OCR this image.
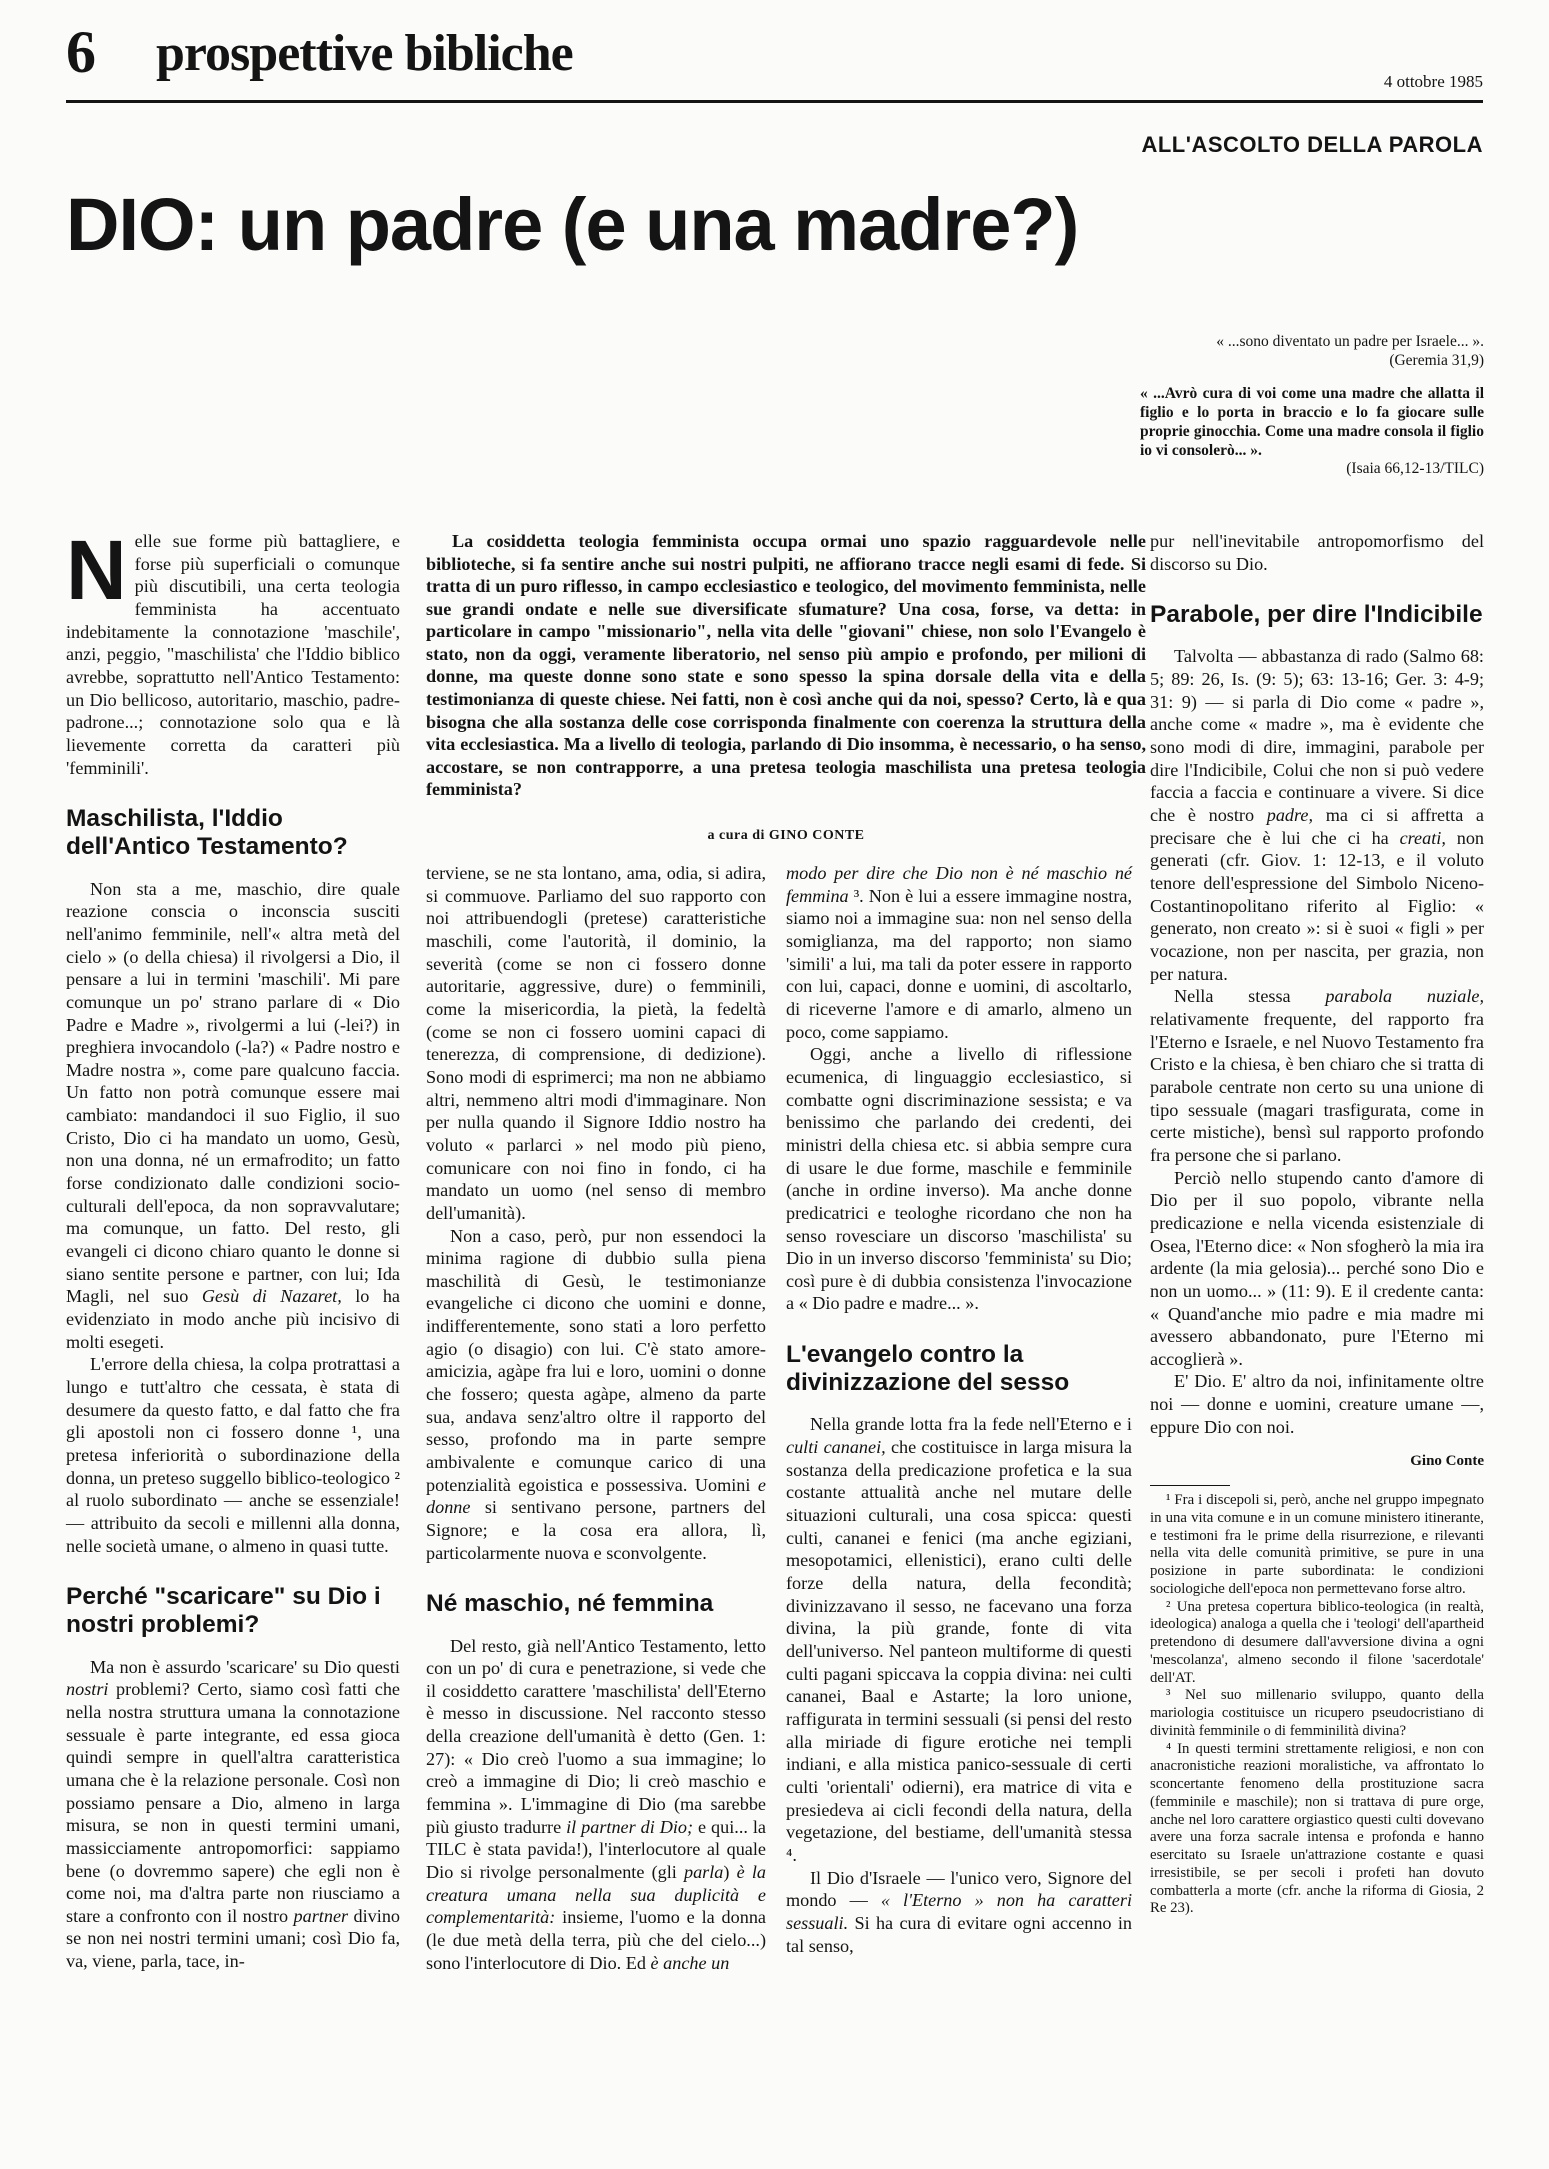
6 prospettive bibliche	4 ottobre 1985
ALL'ASCOLTO DELLA PAROLA
DIO: un padre (e una madre?)

« ...sono diventato un padre per Israele... ».

(Geremia 31,9)

« ...Avrò cura di voi come una madre che allatta il figlio e lo porta in braccio e lo fa giocare sulle proprie ginocchia. Come una madre consola il figlio io vi consolerò... ».

(Isaia 66,12-13/TILC)

La cosiddetta teologia femminista occupa ormai uno spazio ragguardevole nelle biblioteche, si fa sentire anche sui nostri pulpiti, ne affiorano tracce negli esami di fede. Si tratta di un puro riflesso, in campo ecclesiastico e teologico, del movimento femminista, nelle sue grandi ondate e nelle sue diversificate sfumature? Una cosa, forse, va detta: in particolare in campo "missionario", nella vita delle "giovani" chiese, non solo l'Evangelo è stato, non da oggi, veramente liberatorio, nel senso più ampio e profondo, per milioni di donne, ma queste donne sono state e sono spesso la spina dorsale della vita e della testimonianza di queste chiese. Nei fatti, non è così anche qui da noi, spesso? Certo, là e qua bisogna che alla sostanza delle cose corrisponda finalmente con coerenza la struttura della vita ecclesiastica. Ma a livello di teologia, parlando di Dio insomma, è necessario, o ha senso, accostare, se non contrapporre, a una pretesa teologia maschilista una pretesa teologia femminista?

a cura di GINO CONTE

Nelle sue forme più battagliere, e forse più superficiali o comunque più discutibili, una certa teologia femminista ha accentuato indebitamente la connotazione 'maschile', anzi, peggio, "maschilista' che l'Iddio biblico avrebbe, soprattutto nell'Antico Testamento: un Dio bellicoso, autoritario, maschio, padre-padrone...; connotazione solo qua e là lievemente corretta da caratteri più 'femminili'.

Maschilista, l'Iddio dell'Antico Testamento?

Non sta a me, maschio, dire quale reazione conscia o inconscia susciti nell'animo femminile, nell'« altra metà del cielo » (o della chiesa) il rivolgersi a Dio, il pensare a lui in termini 'maschili'. Mi pare comunque un po' strano parlare di « Dio Padre e Madre », rivolgermi a lui (-lei?) in preghiera invocandolo (-la?) « Padre nostro e Madre nostra », come pare qualcuno faccia. Un fatto non potrà comunque essere mai cambiato: mandandoci il suo Figlio, il suo Cristo, Dio ci ha mandato un uomo, Gesù, non una donna, né un ermafrodito; un fatto forse condizionato dalle condizioni socio-culturali dell'epoca, da non sopravvalutare; ma comunque, un fatto. Del resto, gli evangeli ci dicono chiaro quanto le donne si siano sentite persone e partner, con lui; Ida Magli, nel suo Gesù di Nazaret, lo ha evidenziato in modo anche più incisivo di molti esegeti.

L'errore della chiesa, la colpa protrattasi a lungo e tutt'altro che cessata, è stata di desumere da questo fatto, e dal fatto che fra gli apostoli non ci fossero donne ¹, una pretesa inferiorità o subordinazione della donna, un preteso suggello biblico-teologico ² al ruolo subordinato — anche se essenziale! — attribuito da secoli e millenni alla donna, nelle società umane, o almeno in quasi tutte.

Perché "scaricare" su Dio i nostri problemi?

Ma non è assurdo 'scaricare' su Dio questi nostri problemi? Certo, siamo così fatti che nella nostra struttura umana la connotazione sessuale è parte integrante, ed essa gioca quindi sempre in quell'altra caratteristica umana che è la relazione personale. Così non possiamo pensare a Dio, almeno in larga misura, se non in questi termini umani, massicciamente antropomorfici: sappiamo bene (o dovremmo sapere) che egli non è come noi, ma d'altra parte non riusciamo a stare a confronto con il nostro partner divino se non nei nostri termini umani; così Dio fa, va, viene, parla, tace, in-

terviene, se ne sta lontano, ama, odia, si adira, si commuove. Parliamo del suo rapporto con noi attribuendogli (pretese) caratteristiche maschili, come l'autorità, il dominio, la severità (come se non ci fossero donne autoritarie, aggressive, dure) o femminili, come la misericordia, la pietà, la fedeltà (come se non ci fossero uomini capaci di tenerezza, di comprensione, di dedizione). Sono modi di esprimerci; ma non ne abbiamo altri, nemmeno altri modi d'immaginare. Non per nulla quando il Signore Iddio nostro ha voluto « parlarci » nel modo più pieno, comunicare con noi fino in fondo, ci ha mandato un uomo (nel senso di membro dell'umanità).

Non a caso, però, pur non essendoci la minima ragione di dubbio sulla piena maschilità di Gesù, le testimonianze evangeliche ci dicono che uomini e donne, indifferentemente, sono stati a loro perfetto agio (o disagio) con lui. C'è stato amore-amicizia, agàpe fra lui e loro, uomini o donne che fossero; questa agàpe, almeno da parte sua, andava senz'altro oltre il rapporto del sesso, profondo ma in parte sempre ambivalente e comunque carico di una potenzialità egoistica e possessiva. Uomini e donne si sentivano persone, partners del Signore; e la cosa era allora, lì, particolarmente nuova e sconvolgente.

Né maschio, né femmina

Del resto, già nell'Antico Testamento, letto con un po' di cura e penetrazione, si vede che il cosiddetto carattere 'maschilista' dell'Eterno è messo in discussione. Nel racconto stesso della creazione dell'umanità è detto (Gen. 1: 27): « Dio creò l'uomo a sua immagine; lo creò a immagine di Dio; li creò maschio e femmina ». L'immagine di Dio (ma sarebbe più giusto tradurre il partner di Dio; e qui... la TILC è stata pavida!), l'interlocutore al quale Dio si rivolge personalmente (gli parla) è la creatura umana nella sua duplicità e complementarità: insieme, l'uomo e la donna (le due metà della terra, più che del cielo...) sono l'interlocutore di Dio. Ed è anche un

modo per dire che Dio non è né maschio né femmina ³. Non è lui a essere immagine nostra, siamo noi a immagine sua: non nel senso della somiglianza, ma del rapporto; non siamo 'simili' a lui, ma tali da poter essere in rapporto con lui, capaci, donne e uomini, di ascoltarlo, di riceverne l'amore e di amarlo, almeno un poco, come sappiamo.

Oggi, anche a livello di riflessione ecumenica, di linguaggio ecclesiastico, si combatte ogni discriminazione sessista; e va benissimo che parlando dei credenti, dei ministri della chiesa etc. si abbia sempre cura di usare le due forme, maschile e femminile (anche in ordine inverso). Ma anche donne predicatrici e teologhe ricordano che non ha senso rovesciare un discorso 'maschilista' su Dio in un inverso discorso 'femminista' su Dio; così pure è di dubbia consistenza l'invocazione a « Dio padre e madre... ».

L'evangelo contro la divinizzazione del sesso

Nella grande lotta fra la fede nell'Eterno e i culti cananei, che costituisce in larga misura la sostanza della predicazione profetica e la sua costante attualità anche nel mutare delle situazioni culturali, una cosa spicca: questi culti, cananei e fenici (ma anche egiziani, mesopotamici, ellenistici), erano culti delle forze della natura, della fecondità; divinizzavano il sesso, ne facevano una forza divina, la più grande, fonte di vita dell'universo. Nel panteon multiforme di questi culti pagani spiccava la coppia divina: nei culti cananei, Baal e Astarte; la loro unione, raffigurata in termini sessuali (si pensi del resto alla miriade di figure erotiche nei templi indiani, e alla mistica panico-sessuale di certi culti 'orientali' odierni), era matrice di vita e presiedeva ai cicli fecondi della natura, della vegetazione, del bestiame, dell'umanità stessa ⁴.

Il Dio d'Israele — l'unico vero, Signore del mondo — « l'Eterno » non ha caratteri sessuali. Si ha cura di evitare ogni accenno in tal senso,

pur nell'inevitabile antropomorfismo del discorso su Dio.

Parabole, per dire l'Indicibile

Talvolta — abbastanza di rado (Salmo 68: 5; 89: 26, Is. (9: 5); 63: 13-16; Ger. 3: 4-9; 31: 9) — si parla di Dio come « padre », anche come « madre », ma è evidente che sono modi di dire, immagini, parabole per dire l'Indicibile, Colui che non si può vedere faccia a faccia e continuare a vivere. Si dice che è nostro padre, ma ci si affretta a precisare che è lui che ci ha creati, non generati (cfr. Giov. 1: 12-13, e il voluto tenore dell'espressione del Simbolo Niceno-Costantinopolitano riferito al Figlio: « generato, non creato »: si è suoi « figli » per vocazione, non per nascita, per grazia, non per natura.

Nella stessa parabola nuziale, relativamente frequente, del rapporto fra l'Eterno e Israele, e nel Nuovo Testamento fra Cristo e la chiesa, è ben chiaro che si tratta di parabole centrate non certo su una unione di tipo sessuale (magari trasfigurata, come in certe mistiche), bensì sul rapporto profondo fra persone che si parlano.

Perciò nello stupendo canto d'amore di Dio per il suo popolo, vibrante nella predicazione e nella vicenda esistenziale di Osea, l'Eterno dice: « Non sfogherò la mia ira ardente (la mia gelosia)... perché sono Dio e non un uomo... » (11: 9). E il credente canta: « Quand'anche mio padre e mia madre mi avessero abbandonato, pure l'Eterno mi accoglierà ».

E' Dio. E' altro da noi, infinitamente oltre noi — donne e uomini, creature umane —, eppure Dio con noi.

Gino Conte

¹ Fra i discepoli si, però, anche nel gruppo impegnato in una vita comune e in un comune ministero itinerante, e testimoni fra le prime della risurrezione, e rilevanti nella vita delle comunità primitive, se pure in una posizione in parte subordinata: le condizioni sociologiche dell'epoca non permettevano forse altro.

² Una pretesa copertura biblico-teologica (in realtà, ideologica) analoga a quella che i 'teologi' dell'apartheid pretendono di desumere dall'avversione divina a ogni 'mescolanza', almeno secondo il filone 'sacerdotale' dell'AT.

³ Nel suo millenario sviluppo, quanto della mariologia costituisce un ricupero pseudocristiano di divinità femminile o di femminilità divina?

⁴ In questi termini strettamente religiosi, e non con anacronistiche reazioni moralistiche, va affrontato lo sconcertante fenomeno della prostituzione sacra (femminile e maschile); non si trattava di pure orge, anche nel loro carattere orgiastico questi culti dovevano avere una forza sacrale intensa e profonda e hanno esercitato su Israele un'attrazione costante e quasi irresistibile, se per secoli i profeti han dovuto combatterla a morte (cfr. anche la riforma di Giosia, 2 Re 23).
